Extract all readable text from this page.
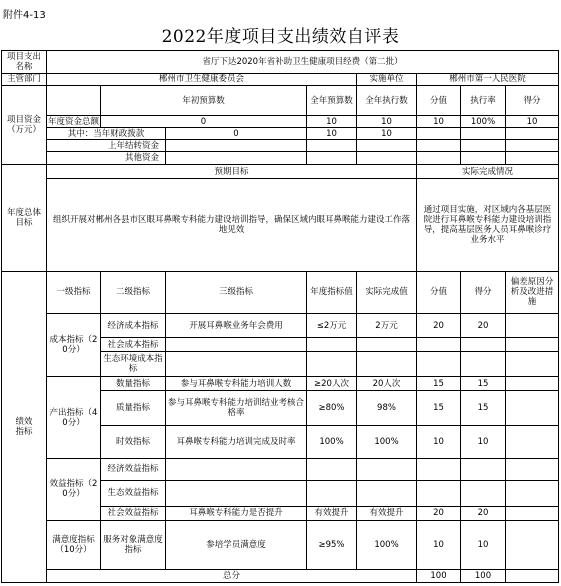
附件4-13
2022年度项目支出绩效自评表
项目支出名称	省厅下达2020年省补助卫生健康项目经费（第二批）							
主管部门	郴州市卫生健康委员会				实施单位	郴州市第一人民医院		
项目资金（万元）		年初预算数		全年预算数	全年执行数	分值	执行率	得分
	年度资金总额	0		10	10	10	100%	10
	其中：当年财政拨款		0	10	10			
	上年结转资金							
	其他资金							
年度总体目标	预期目标					实际完成情况		
	组织开展对郴州各县市区眼耳鼻喉专科能力建设培训指导，确保区域内眼耳鼻喉能力建设工作落地见效					通过项目实施，对区域内各基层医院进行耳鼻喉专科能力建设培训指导，提高基层医务人员耳鼻喉诊疗业务水平		
绩效指标	一级指标	二级指标	三级指标	年度指标值	实际完成值	分值	得分	偏差原因分析及改进措施
	成本指标（20分）	经济成本指标	开展耳鼻喉业务年会费用	≤2万元	2万元	20	20	
		社会成本指标						
		生态环境成本指标						
	产出指标（40分）	数量指标	参与耳鼻喉专科能力培训人数	≥20人次	20人次	15	15	
		质量指标	参与耳鼻喉专科能力培训结业考核合格率	≥80%	98%	15	15	
		时效指标	耳鼻喉专科能力培训完成及时率	100%	100%	10	10	
	效益指标（20分）	经济效益指标						
		生态效益指标						
		社会效益指标	耳鼻喉专科能力是否提升	有效提升	有效提升	20	20	
	满意度指标（10分）	服务对象满意度指标	参培学员满意度	≥95%	100%	10	10	
	总分					100	100	
